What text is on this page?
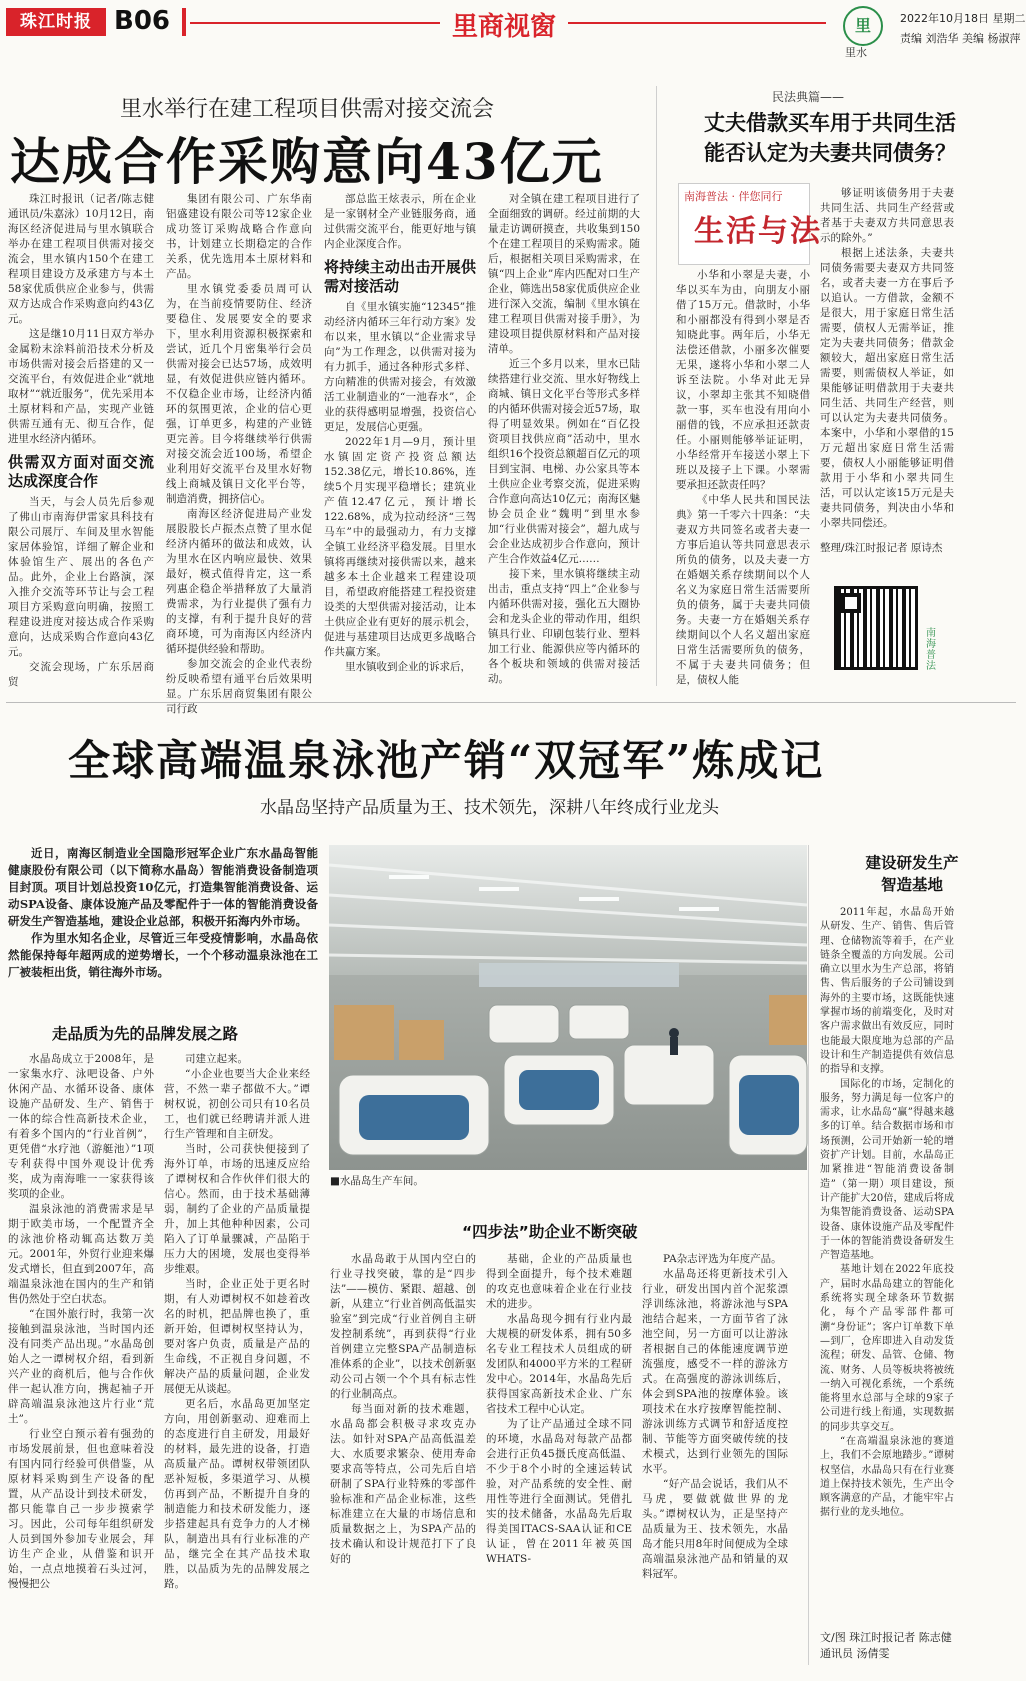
珠江时报 B06	里商视窗	里
里水
2022年10月18日 星期二
责编 刘浩华 美编 杨淑萍
里水举行在建工程项目供需对接交流会
达成合作采购意向43亿元

珠江时报讯（记者/陈志健 通讯员/朱嘉泳）10月12日，南海区经济促进局与里水镇联合举办在建工程项目供需对接交流会，里水镇内150个在建工程项目建设方及承建方与本土58家优质供应企业参与，供需双方达成合作采购意向约43亿元。

这是继10月11日双方举办金属粉末涂料前沿技术分析及市场供需对接会后搭建的又一交流平台，有效促进企业“就地取材”“就近服务”，优先采用本土原材料和产品，实现产业链供需互通有无、彻互合作，促进里水经济内循环。

供需双方面对面交流达成深度合作

当天，与会人员先后参观了佛山市南海伊雷家具科技有限公司展厅、车间及里水智能家居体验馆，详细了解企业和体验馆生产、展出的各色产品。此外，企业上台路演，深入推介交流等环节让与会工程项目方采购意向明确，按照工程建设进度对接达成合作采购意向，达成采购合作意向43亿元。

交流会现场，广东乐居商贸

集团有限公司、广东华南铝盛建设有限公司等12家企业成功签订采购战略合作意向书，计划建立长期稳定的合作关系，优先选用本土原材料和产品。

里水镇党委委员周可认为，在当前疫情要防住、经济要稳住、发展要安全的要求下，里水利用资源积极探索和尝试，近几个月密集举行会员供需对接会已达57场，成效明显，有效促进供应链内循环。不仅稳企业市场，让经济内循环的氛围更浓，企业的信心更强，订单更多，构建的产业链更完善。目今将继续举行供需对接交流会近100场，希望企业利用好交流平台及里水好物线上商城及镇日文化平台等，制造消费，拥挤信心。

南海区经济促进局产业发展股股长卢振杰点赞了里水促经济内循环的做法和成效，认为里水在区内响应最快、效果最好，模式值得肯定，这一系列惠企稳企举措释放了大量消费需求，为行业提供了强有力的支撑，有利于提升良好的营商环境，可为南海区内经济内循环提供经验和帮助。

参加交流会的企业代表纷纷反映希望有通平台后效果明显。广东乐居商贸集团有限公司行政

部总监王炫表示，所在企业是一家钢材全产业链服务商，通过供需交流平台，能更好地与镇内企业深度合作。

将持续主动出击开展供需对接活动

自《里水镇实施“12345”推动经济内循环三年行动方案》发布以来，里水镇以“企业需求导向”为工作理念，以供需对接为有力抓手，通过各种形式多样、方向精准的供需对接会，有效激活工业制造业的“一池春水”，企业的获得感明显增强，投资信心更足，发展信心更强。

2022年1月—9月，预计里水镇固定资产投资总额达152.38亿元，增长10.86%，连续5个月实现平稳增长；建筑业产值12.47亿元，预计增长122.68%，成为拉动经济“三驾马车”中的最强动力，有力支撑全镇工业经济平稳发展。目里水镇将再继续对接供需以来，越来越多本土企业越来工程建设项目，希望政府能搭建工程投资建设类的大型供需对接活动，让本土供应企业有更好的展示机会，促进与基建项目达成更多战略合作共赢方案。

里水镇收到企业的诉求后，

对全镇在建工程项目进行了全面细致的调研。经过前期的大量走访调研摸查，共收集到150个在建工程项目的采购需求。随后，根据相关项目采购需求，在镇“四上企业”库内匹配对口生产企业，筛选出58家优质供应企业进行深入交流，编制《里水镇在建工程项目供需对接手册》，为建设项目提供原材料和产品对接清单。

近三个多月以来，里水已陆续搭建行业交流、里水好物线上商城、镇日文化平台等形式多样的内循环供需对接会近57场，取得了明显效果。例如在“百亿投资项目找供应商”活动中，里水组织16个投资总额超百亿元的项目到宝洞、电梯、办公家具等本土供应企业考察交流，促进采购合作意向高达10亿元；南海区魅协会员企业“魏明”到里水参加“行业供需对接会”，超九成与会企业达成初步合作意向，预计产生合作效益4亿元……

接下来，里水镇将继续主动出击，重点支持“四上”企业参与内循环供需对接，强化五大圈协会和龙头企业的带动作用，组织镇具行业、印刷包装行业、塑料加工行业、能源供应等内循环的各个板块和领域的供需对接活动。

民法典篇——
丈夫借款买车用于共同生活
能否认定为夫妻共同债务？
南海普法 · 伴您同行
生活与法

小华和小翠是夫妻，小华以买车为由，向朋友小丽借了15万元。借款时，小华和小丽都没有得到小翠是否知晓此事。两年后，小华无法偿还借款，小丽多次催要无果，遂将小华和小翠二人诉至法院。小华对此无异议，小翠却主张其不知晓借款一事，买车也没有用向小丽借的钱，不应承担还款责任。小丽则能够举证证明，小华经常开车接送小翠上下班以及接子上下课。小翠需要承担还款责任吗？

《中华人民共和国民法典》第一千零六十四条：“夫妻双方共同签名或者夫妻一方事后追认等共同意思表示所负的债务，以及夫妻一方在婚姻关系存续期间以个人名义为家庭日常生活需要所负的债务，属于夫妻共同债务。夫妻一方在婚姻关系存续期间以个人名义超出家庭日常生活需要所负的债务，不属于夫妻共同债务；但是，债权人能

够证明该债务用于夫妻共同生活、共同生产经营或者基于夫妻双方共同意思表示的除外。”

根据上述法条，夫妻共同债务需要夫妻双方共同签名，或者夫妻一方在事后予以追认。一方借款，金额不是很大，用于家庭日常生活需要，债权人无需举证，推定为夫妻共同债务；借款金额较大，超出家庭日常生活需要，则需债权人举证，如果能够证明借款用于夫妻共同生活、共同生产经营，则可以认定为夫妻共同债务。本案中，小华和小翠借的15万元超出家庭日常生活需要，债权人小丽能够证明借款用于小华和小翠共同生活，可以认定该15万元是夫妻共同债务，判决由小华和小翠共同偿还。

整理/珠江时报记者 原诗杰
南海普法
全球高端温泉泳池产销“双冠军”炼成记
水晶岛坚持产品质量为王、技术领先，深耕八年终成行业龙头

近日，南海区制造业全国隐形冠军企业广东水晶岛智能健康股份有限公司（以下简称水晶岛）智能消费设备制造项目封顶。项目计划总投资10亿元，打造集智能消费设备、运动SPA设备、康体设施产品及零配件于一体的智能消费设备研发生产智造基地，建设企业总部，积极开拓海内外市场。

作为里水知名企业，尽管近三年受疫情影响，水晶岛依然能保持每年超两成的逆势增长，一个个移动温泉泳池在工厂被装柜出货，销往海外市场。

■水晶岛生产车间。
走品质为先的品牌发展之路

水晶岛成立于2008年，是一家集水疗、泳吧设备、户外休闲产品、水循环设备、康体设施产品研发、生产、销售于一体的综合性高新技术企业，有着多个国内的“行业首例”，更凭借“水疗池（游艇池）”1项专利获得中国外观设计优秀奖，成为南海唯一一家获得该奖项的企业。

温泉泳池的消费需求是早期于欧美市场，一个配置齐全的泳池价格动辄高达数万美元。2001年，外贸行业迎来爆发式增长，但直到2007年，高端温泉泳池在国内的生产和销售仍然处于空白状态。

“在国外旅行时，我第一次接触到温泉泳池，当时国内还没有同类产品出现。”水晶岛创始人之一谭树权介绍，看到新兴产业的商机后，他与合作伙伴一起认准方向，携起袖子开辟高端温泉泳池这片行业“荒土”。

行业空白预示着有强劲的市场发展前景，但也意味着没有国内同行经验可供借鉴，从原材料采购到生产设备的配置，从产品设计到技术研发，都只能靠自己一步步摸索学习。因此，公司每年组织研发人员到国外参加专业展会，拜访生产企业，从借鉴和识开始，一点点地摸着石头过河，慢慢把公

司建立起来。

“小企业也要当大企业来经营，不然一辈子都做不大。”谭树权说，初创公司只有10名员工，也们就已经聘请并派人进行生产管理和自主研发。

当时，公司获快便接到了海外订单，市场的迅速反应给了谭树权和合作伙伴们很大的信心。然而，由于技术基础薄弱，制约了企业的产品质量提升，加上其他种种因素，公司陷入了订单量骤减，产品陷于压力大的困境，发展也变得举步维艰。

当时，企业正处于更名时期，有人劝谭树权不如趁着改名的时机，把品牌也换了，重新开始，但谭树权坚持认为，要对客户负责，质量是产品的生命线，不正视自身问题，不解决产品的质量问题，企业发展便无从谈起。

更名后，水晶岛更加坚定方向，用创新驱动、迎难而上的态度进行自主研发，用最好的材料，最先进的设备，打造高质量产品。谭树权带领团队恶补短板，多渠道学习、从模仿再到产品，不断提升自身的制造能力和技术研发能力，逐步搭建起具有竞争力的人才梯队，制造出具有行业标准的产品，继完全在其产品技术取胜，以品质为先的品牌发展之路。

“四步法”助企业不断突破

水晶岛敢于从国内空白的行业寻找突破，靠的是“四步法”——模仿、紧跟、超越、创新，从建立“行业首例高低温实验室”到完成“行业首例自主研发控制系统”，再到获得“行业首例建立完整SPA产品制造标准体系的企业”，以技术创新驱动公司占领一个个具有标志性的行业制高点。

每当面对新的技术难题，水晶岛都会积极寻求攻克办法。如针对SPA产品高低温差大、水质要求繁杂、使用寿命要求高等特点，公司先后自培研制了SPA行业特殊的零部件验标准和产品企业标准，这些标准建立在大量的市场信息和质量数据之上，为SPA产品的技术确认和设计规范打下了良好的

基础，企业的产品质量也得到全面提升，每个技术难题的攻克也意味着企业在行业技术的进步。

水晶岛现今拥有行业内最大规模的研发体系，拥有50多名专业工程技术人员组成的研发团队和4000平方米的工程研发中心。2014年，水晶岛先后获得国家高新技术企业、广东省技术工程中心认定。

为了让产品通过全球不同的环境，水晶岛对每款产品都会进行正负45摄氏度高低温、不少于8个小时的全速运转试验，对产品系统的安全性、耐用性等进行全面测试。凭借扎实的技术储备，水晶岛先后取得美国ITACS-SAA认证和CE认证，曾在2011年被英国WHATS-

PA杂志评选为年度产品。

水晶岛还将更新技术引入行业，研发出国内首个泥浆漂浮训练泳池，将游泳池与SPA池结合起来，一方面节省了泳池空间，另一方面可以让游泳者根据自己的体能速度调节逆流强度，感受不一样的游泳方式。在高强度的游泳训练后，体会到SPA池的按摩体验。该项技术在水疗按摩智能控制、游泳训练方式调节和舒适度控制、节能等方面突破传统的技术模式，达到行业领先的国际水平。

“好产品会说话，我们从不马虎，要做就做世界的龙头。”谭树权认为，正是坚持产品质量为王、技术领先，水晶岛才能只用8年时间便成为全球高端温泉泳池产品和销量的双料冠军。

建设研发生产
智造基地

2011年起，水晶岛开始从研发、生产、销售、售后管理、仓储物流等着手，在产业链条全覆盖的方向发展。公司确立以里水为生产总部，将销售、售后服务的子公司铺设到海外的主要市场，这既能快速掌握市场的前端变化，及时对客户需求做出有效反应，同时也能最大限度地为总部的产品设计和生产制造提供有效信息的指导和支撑。

国际化的市场，定制化的服务，努力满足每一位客户的需求，让水晶岛“赢”得越来越多的订单。结合数据市场和市场预测，公司开始新一轮的增资扩产计划。目前，水晶岛正加紧推进“智能消费设备制造”（第一期）项目建设，预计产能扩大20倍，建成后将成为集智能消费设备、运动SPA设备、康体设施产品及零配件于一体的智能消费设备研发生产智造基地。

基地计划在2022年底投产，届时水晶岛建立的智能化系统将实现全球条环节数据化，每个产品零部件都可溯“身份证”；客户订单数下单—到厂，仓库即进入自动发货流程；研发、品管、仓储、物流、财务、人员等板块将被统一纳入可视化系统，一个系统能将里水总部与全球的9家子公司进行线上衔通，实现数据的同步共享交互。

“在高端温泉泳池的赛道上，我们不会原地踏步。”谭树权坚信，水晶岛只有在行业赛道上保持技术领先，生产出令顾客满意的产品，才能牢牢占据行业的龙头地位。

文/图 珠江时报记者 陈志健
通讯员 汤倩雯
